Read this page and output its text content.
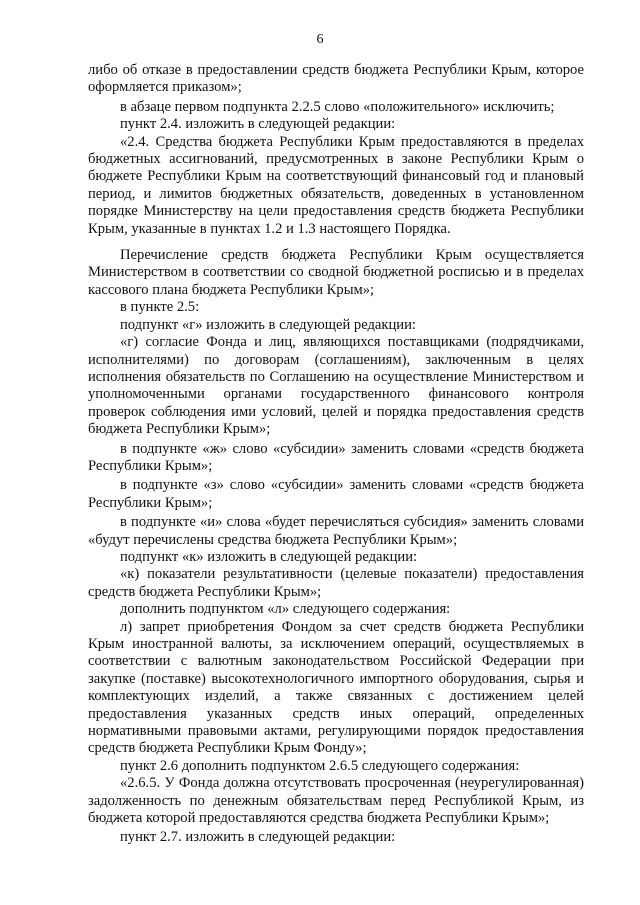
6

либо об отказе в предоставлении средств бюджета Республики Крым, которое оформляется приказом»;

в абзаце первом подпункта 2.2.5 слово «положительного» исключить;

пункт 2.4. изложить в следующей редакции:

«2.4. Средства бюджета Республики Крым предоставляются в пределах бюджетных ассигнований, предусмотренных в законе Республики Крым о бюджете Республики Крым на соответствующий финансовый год и плановый период, и лимитов бюджетных обязательств, доведенных в установленном порядке Министерству на цели предоставления средств бюджета Республики Крым, указанные в пунктах 1.2 и 1.3 настоящего Порядка.

Перечисление средств бюджета Республики Крым осуществляется Министерством в соответствии со сводной бюджетной росписью и в пределах кассового плана бюджета Республики Крым»;

в пункте 2.5:

подпункт «г» изложить в следующей редакции:

«г) согласие Фонда и лиц, являющихся поставщиками (подрядчиками, исполнителями) по договорам (соглашениям), заключенным в целях исполнения обязательств по Соглашению на осуществление Министерством и уполномоченными органами государственного финансового контроля проверок соблюдения ими условий, целей и порядка предоставления средств бюджета Республики Крым»;

в подпункте «ж» слово «субсидии» заменить словами «средств бюджета Республики Крым»;

в подпункте «з» слово «субсидии» заменить словами «средств бюджета Республики Крым»;

в подпункте «и» слова «будет перечисляться субсидия» заменить словами «будут перечислены средства бюджета Республики Крым»;

подпункт «к» изложить в следующей редакции:

«к) показатели результативности (целевые показатели) предоставления средств бюджета Республики Крым»;

дополнить подпунктом «л» следующего содержания:

л) запрет приобретения Фондом за счет средств бюджета Республики Крым иностранной валюты, за исключением операций, осуществляемых в соответствии с валютным законодательством Российской Федерации при закупке (поставке) высокотехнологичного импортного оборудования, сырья и комплектующих изделий, а также связанных с достижением целей предоставления указанных средств иных операций, определенных нормативными правовыми актами, регулирующими порядок предоставления средств бюджета Республики Крым Фонду»;

пункт 2.6 дополнить подпунктом 2.6.5 следующего содержания:

«2.6.5. У Фонда должна отсутствовать просроченная (неурегулированная) задолженность по денежным обязательствам перед Республикой Крым, из бюджета которой предоставляются средства бюджета Республики Крым»;

пункт 2.7. изложить в следующей редакции:
